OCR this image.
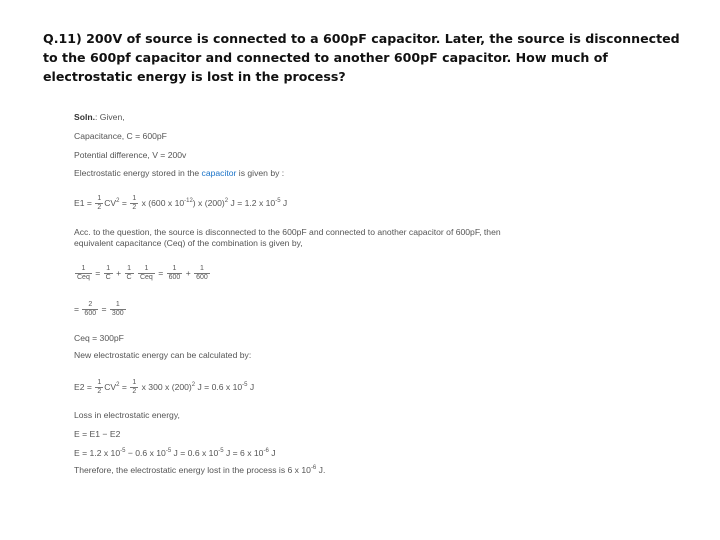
Q.11) 200V of source is connected to a 600pF capacitor. Later, the source is disconnected to the 600pf capacitor and connected to another 600pF capacitor. How much of electrostatic energy is lost in the process?

Soln.: Given,
Capacitance, C = 600pF
Potential difference, V = 200v
Electrostatic energy stored in the capacitor is given by :
$E1 = \frac{1}{2} CV^2 = \frac{1}{2}$ x (600 x $10^{-12}$) x $(200)^2$ J = 1.2 x $10^{-5}$ J
Acc. to the question, the source is disconnected to the 600pF and connected to another capacitor of 600pF, then
equivalent capacitance (Ceq) of the combination is given by,
$\frac{1}{\text{Ceq}} = \frac{1}{C} + \frac{1}{C}$
$\frac{1}{\text{Ceq}} = \frac{1}{600} + \frac{1}{600}$
= $\frac{2}{600} = \frac{1}{300}$
Ceq = 300pF
New electrostatic energy can be calculated by:
$E2 = \frac{1}{2} CV^2 = \frac{1}{2}$ x 300 x $(200)^2$ J = 0.6 x $10^{-5}$ J
Loss in electrostatic energy,
E = E1 − E2
E = 1.2 x $10^{-5} - 0.6$ x $10^{-5}$ J = 0.6 x $10^{-5}$ J = 6 x $10^{-6}$ J
Therefore, the electrostatic energy lost in the process is 6 x $10^{-6}$ J.
